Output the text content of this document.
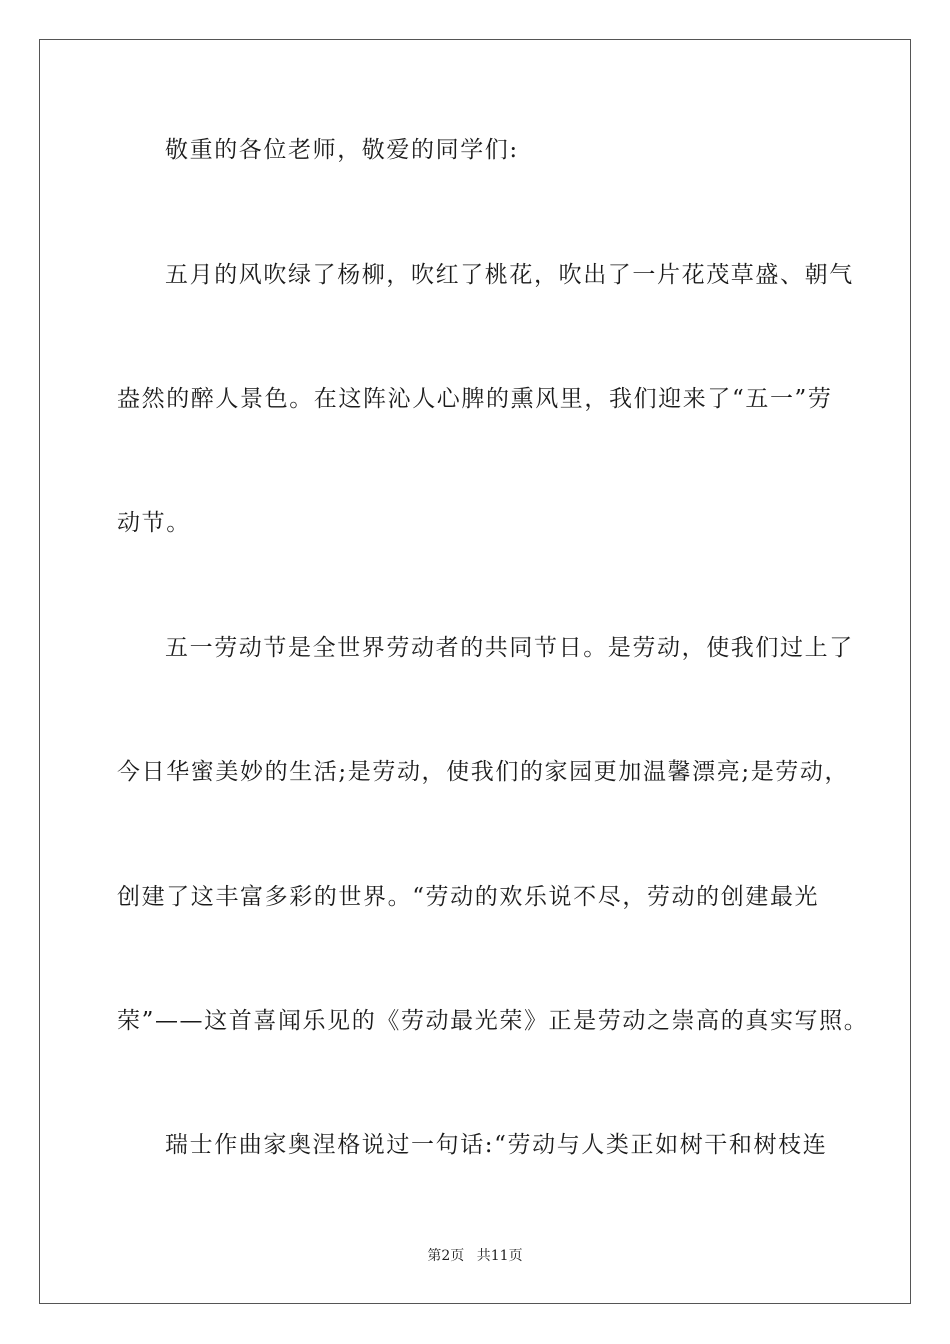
敬重的各位老师，敬爱的同学们:
五月的风吹绿了杨柳，吹红了桃花，吹出了一片花茂草盛、朝气
盎然的醉人景色。在这阵沁人心脾的熏风里，我们迎来了“五一”劳
动节。
五一劳动节是全世界劳动者的共同节日。是劳动，使我们过上了
今日华蜜美妙的生活;是劳动，使我们的家园更加温馨漂亮;是劳动，
创建了这丰富多彩的世界。“劳动的欢乐说不尽，劳动的创建最光
荣”——这首喜闻乐见的《劳动最光荣》正是劳动之崇高的真实写照。
瑞士作曲家奥涅格说过一句话:“劳动与人类正如树干和树枝连
第2页 共11页
